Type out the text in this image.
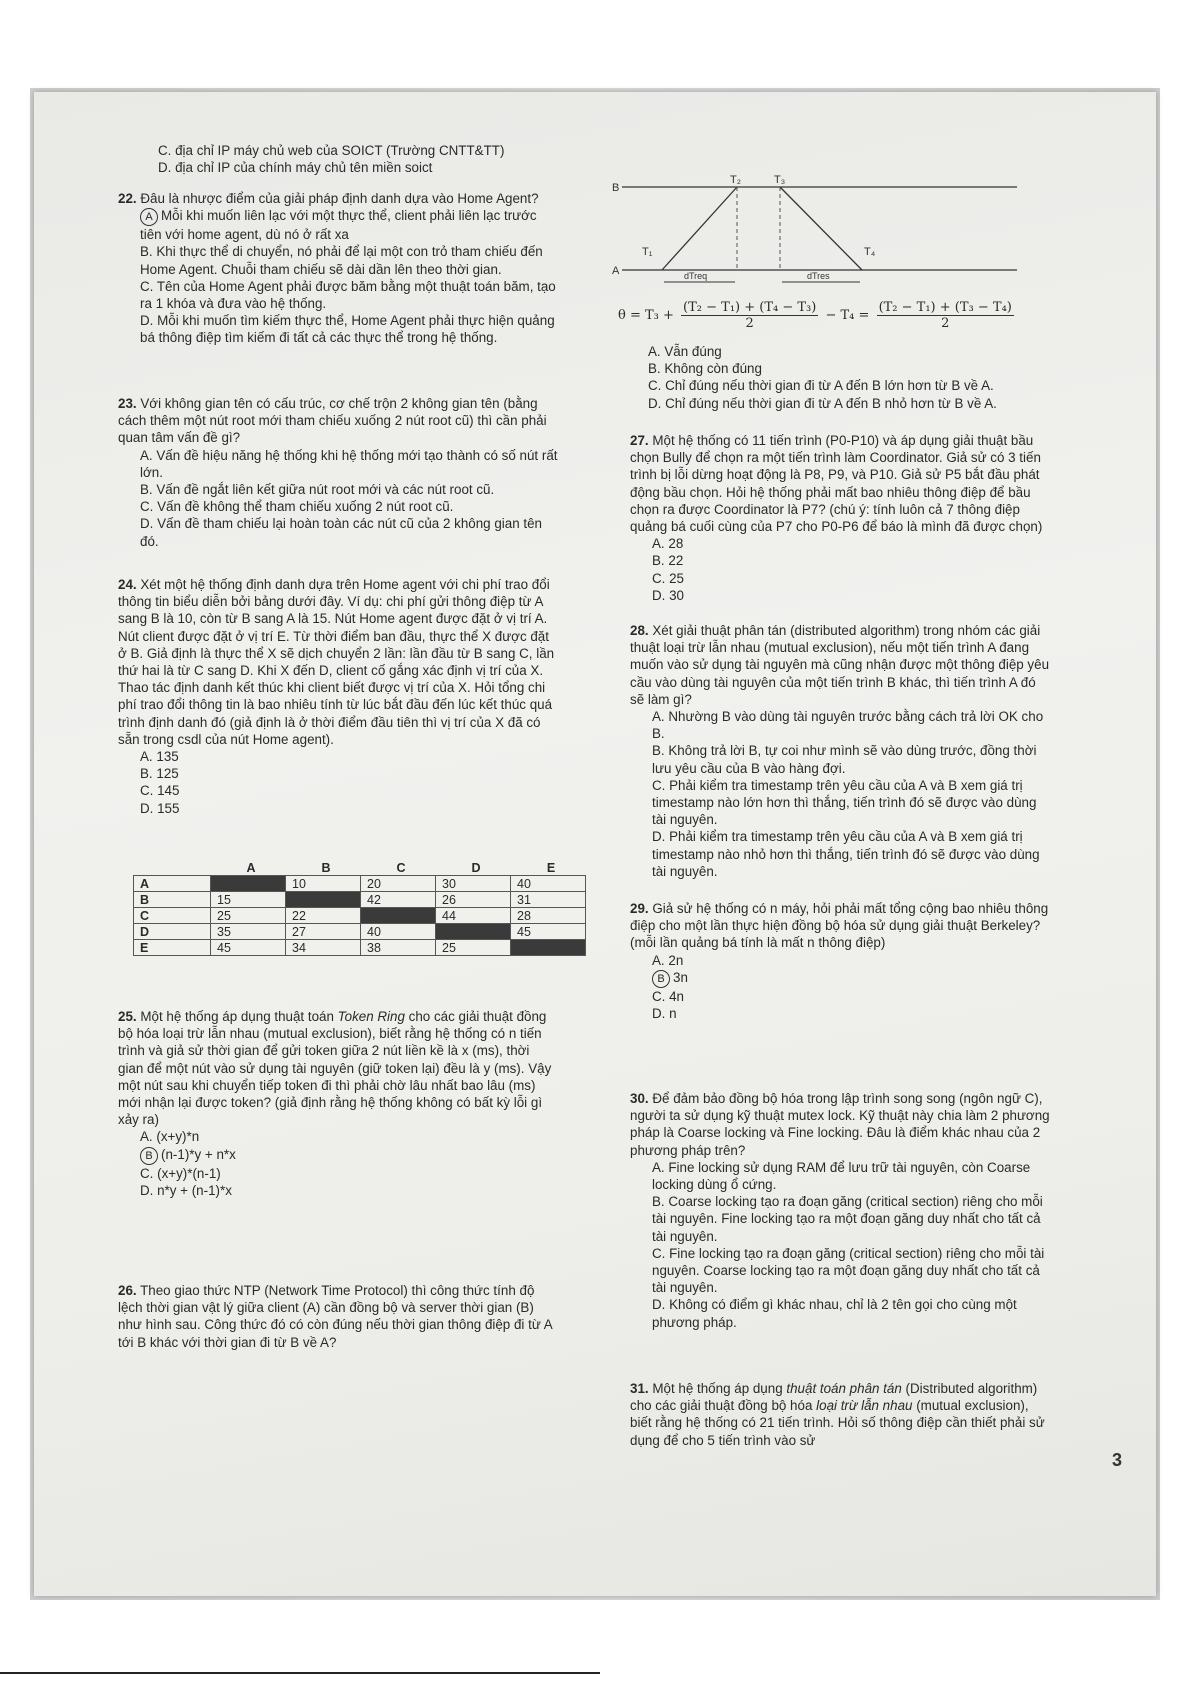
C. địa chỉ IP máy chủ web của SOICT (Trường CNTT&TT)

D. địa chỉ IP của chính máy chủ tên miền soict

22. Đâu là nhược điểm của giải pháp định danh dựa vào Home Agent?

A Mỗi khi muốn liên lạc với một thực thể, client phải liên lạc trước tiên với home agent, dù nó ở rất xa

B. Khi thực thể di chuyển, nó phải để lại một con trỏ tham chiếu đến Home Agent. Chuỗi tham chiếu sẽ dài dần lên theo thời gian.

C. Tên của Home Agent phải được băm bằng một thuật toán băm, tạo ra 1 khóa và đưa vào hệ thống.

D. Mỗi khi muốn tìm kiếm thực thể, Home Agent phải thực hiện quảng bá thông điệp tìm kiếm đi tất cả các thực thể trong hệ thống.

23. Với không gian tên có cấu trúc, cơ chế trộn 2 không gian tên (bằng cách thêm một nút root mới tham chiếu xuống 2 nút root cũ) thì cần phải quan tâm vấn đề gì?

A. Vấn đề hiệu năng hệ thống khi hệ thống mới tạo thành có số nút rất lớn.

B. Vấn đề ngắt liên kết giữa nút root mới và các nút root cũ.

C. Vấn đề không thể tham chiếu xuống 2 nút root cũ.

D. Vấn đề tham chiếu lại hoàn toàn các nút cũ của 2 không gian tên đó.

24. Xét một hệ thống định danh dựa trên Home agent với chi phí trao đổi thông tin biểu diễn bởi bảng dưới đây. Ví dụ: chi phí gửi thông điệp từ A sang B là 10, còn từ B sang A là 15. Nút Home agent được đặt ở vị trí A. Nút client được đặt ở vị trí E. Từ thời điểm ban đầu, thực thể X được đặt ở B. Giả định là thực thể X sẽ dịch chuyển 2 lần: lần đầu từ B sang C, lần thứ hai là từ C sang D. Khi X đến D, client cố gắng xác định vị trí của X. Thao tác định danh kết thúc khi client biết được vị trí của X. Hỏi tổng chi phí trao đổi thông tin là bao nhiêu tính từ lúc bắt đầu đến lúc kết thúc quá trình định danh đó (giả định là ở thời điểm đầu tiên thì vị trí của X đã có sẵn trong csdl của nút Home agent).

A. 135

B. 125

C. 145

D. 155

	A	B	C	D	E
A		10	20	30	40
B	15		42	26	31
C	25	22		44	28
D	35	27	40		45
E	45	34	38	25	

25. Một hệ thống áp dụng thuật toán Token Ring cho các giải thuật đồng bộ hóa loại trừ lẫn nhau (mutual exclusion), biết rằng hệ thống có n tiến trình và giả sử thời gian để gửi token giữa 2 nút liền kề là x (ms), thời gian để một nút vào sử dụng tài nguyên (giữ token lại) đều là y (ms). Vậy một nút sau khi chuyển tiếp token đi thì phải chờ lâu nhất bao lâu (ms) mới nhận lại được token? (giả định rằng hệ thống không có bất kỳ lỗi gì xảy ra)

A. (x+y)*n

B (n-1)*y + n*x

C. (x+y)*(n-1)

D. n*y + (n-1)*x

26. Theo giao thức NTP (Network Time Protocol) thì công thức tính độ lệch thời gian vật lý giữa client (A) cần đồng bộ và server thời gian (B) như hình sau. Công thức đó có còn đúng nếu thời gian thông điệp đi từ A tới B khác với thời gian đi từ B về A?

B
A
T₂	T₃
T₁	T₄
dTreq	dTres
$\theta = T_3 + \frac{\text{(T₂ − T₁) + (T₄ − T₃)}}{2} - T_4 = \frac{\text{(T₂ − T₁) + (T₃ − T₄)}}{2}$

A. Vẫn đúng

B. Không còn đúng

C. Chỉ đúng nếu thời gian đi từ A đến B lớn hơn từ B về A.

D. Chỉ đúng nếu thời gian đi từ A đến B nhỏ hơn từ B về A.

27. Một hệ thống có 11 tiến trình (P0-P10) và áp dụng giải thuật bầu chọn Bully để chọn ra một tiến trình làm Coordinator. Giả sử có 3 tiến trình bị lỗi dừng hoạt động là P8, P9, và P10. Giả sử P5 bắt đầu phát động bầu chọn. Hỏi hệ thống phải mất bao nhiêu thông điệp để bầu chọn ra được Coordinator là P7? (chú ý: tính luôn cả 7 thông điệp quảng bá cuối cùng của P7 cho P0-P6 để báo là mình đã được chọn)

A. 28

B. 22

C. 25

D. 30

28. Xét giải thuật phân tán (distributed algorithm) trong nhóm các giải thuật loại trừ lẫn nhau (mutual exclusion), nếu một tiến trình A đang muốn vào sử dụng tài nguyên mà cũng nhận được một thông điệp yêu cầu vào dùng tài nguyên của một tiến trình B khác, thì tiến trình A đó sẽ làm gì?

A. Nhường B vào dùng tài nguyên trước bằng cách trả lời OK cho B.

B. Không trả lời B, tự coi như mình sẽ vào dùng trước, đồng thời lưu yêu cầu của B vào hàng đợi.

C. Phải kiểm tra timestamp trên yêu cầu của A và B xem giá trị timestamp nào lớn hơn thì thắng, tiến trình đó sẽ được vào dùng tài nguyên.

D. Phải kiểm tra timestamp trên yêu cầu của A và B xem giá trị timestamp nào nhỏ hơn thì thắng, tiến trình đó sẽ được vào dùng tài nguyên.

29. Giả sử hệ thống có n máy, hỏi phải mất tổng cộng bao nhiêu thông điệp cho một lần thực hiện đồng bộ hóa sử dụng giải thuật Berkeley? (mỗi lần quảng bá tính là mất n thông điệp)

A. 2n

B 3n

C. 4n

D. n

30. Để đảm bảo đồng bộ hóa trong lập trình song song (ngôn ngữ C), người ta sử dụng kỹ thuật mutex lock. Kỹ thuật này chia làm 2 phương pháp là Coarse locking và Fine locking. Đâu là điểm khác nhau của 2 phương pháp trên?

A. Fine locking sử dụng RAM để lưu trữ tài nguyên, còn Coarse locking dùng ổ cứng.

B. Coarse locking tạo ra đoạn găng (critical section) riêng cho mỗi tài nguyên. Fine locking tạo ra một đoạn găng duy nhất cho tất cả tài nguyên.

C. Fine locking tạo ra đoạn găng (critical section) riêng cho mỗi tài nguyên. Coarse locking tạo ra một đoạn găng duy nhất cho tất cả tài nguyên.

D. Không có điểm gì khác nhau, chỉ là 2 tên gọi cho cùng một phương pháp.

31. Một hệ thống áp dụng thuật toán phân tán (Distributed algorithm) cho các giải thuật đồng bộ hóa loại trừ lẫn nhau (mutual exclusion), biết rằng hệ thống có 21 tiến trình. Hỏi số thông điệp cần thiết phải sử dụng để cho 5 tiến trình vào sử

3
